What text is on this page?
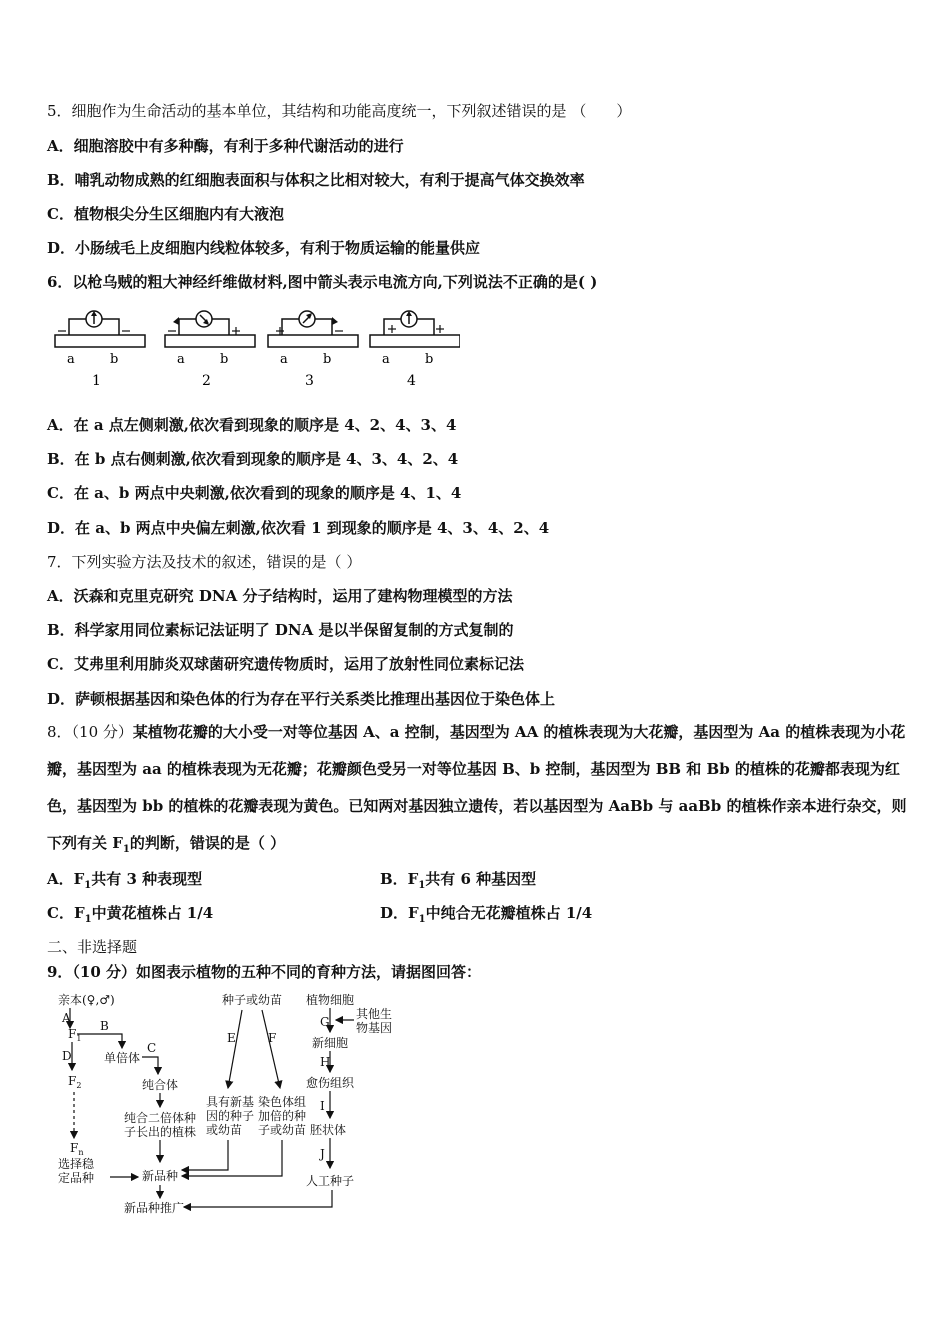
5．细胞作为生命活动的基本单位，其结构和功能高度统一，下列叙述错误的是 （　　）
A．细胞溶胶中有多种酶，有利于多种代谢活动的进行
B．哺乳动物成熟的红细胞表面积与体积之比相对较大，有利于提高气体交换效率
C．植物根尖分生区细胞内有大液泡
D．小肠绒毛上皮细胞内线粒体较多，有利于物质运输的能量供应
6．以枪乌贼的粗大神经纤维做材料,图中箭头表示电流方向,下列说法不正确的是( )
a	b
1
a	b
2
a	b
3
a	b
4
A．在 a 点左侧刺激,依次看到现象的顺序是 4、2、4、3、4
B．在 b 点右侧刺激,依次看到现象的顺序是 4、3、4、2、4
C．在 a、b 两点中央刺激,依次看到的现象的顺序是 4、1、4
D．在 a、b 两点中央偏左刺激,依次看 1 到现象的顺序是 4、3、4、2、4
7．下列实验方法及技术的叙述，错误的是（ ）
A．沃森和克里克研究 DNA 分子结构时，运用了建构物理模型的方法
B．科学家用同位素标记法证明了 DNA 是以半保留复制的方式复制的
C．艾弗里利用肺炎双球菌研究遗传物质时，运用了放射性同位素标记法
D．萨顿根据基因和染色体的行为存在平行关系类比推理出基因位于染色体上
8．（10 分）某植物花瓣的大小受一对等位基因 A、a 控制，基因型为 AA 的植株表现为大花瓣，基因型为 Aa 的植株表现为小花瓣，基因型为 aa 的植株表现为无花瓣；花瓣颜色受另一对等位基因 B、b 控制，基因型为 BB 和 Bb 的植株的花瓣都表现为红色，基因型为 bb 的植株的花瓣表现为黄色。已知两对基因独立遗传，若以基因型为 AaBb 与 aaBb 的植株作亲本进行杂交，则下列有关 $F_1$的判断，错误的是（ ）
A．$F_1$共有 3 种表现型	B．$F_1$共有 6 种基因型
C．$F_1$中黄花植株占 1/4	D．$F_1$中纯合无花瓣植株占 1/4
二、非选择题
9．（10 分）如图表示植物的五种不同的育种方法，请据图回答：
亲本(♀,♂)
A
$F_1$
B
单倍体
C
纯合体
纯合二倍体种
子长出的植株
D
$F_2$
$F_n$
选择稳
定品种	新品种
新品种推广
种子或幼苗
E	F
具有新基
因的种子
或幼苗
染色体组
加倍的种
子或幼苗
植物细胞
G
其他生
物基因
新细胞
H
愈伤组织
I
胚状体
J
人工种子
